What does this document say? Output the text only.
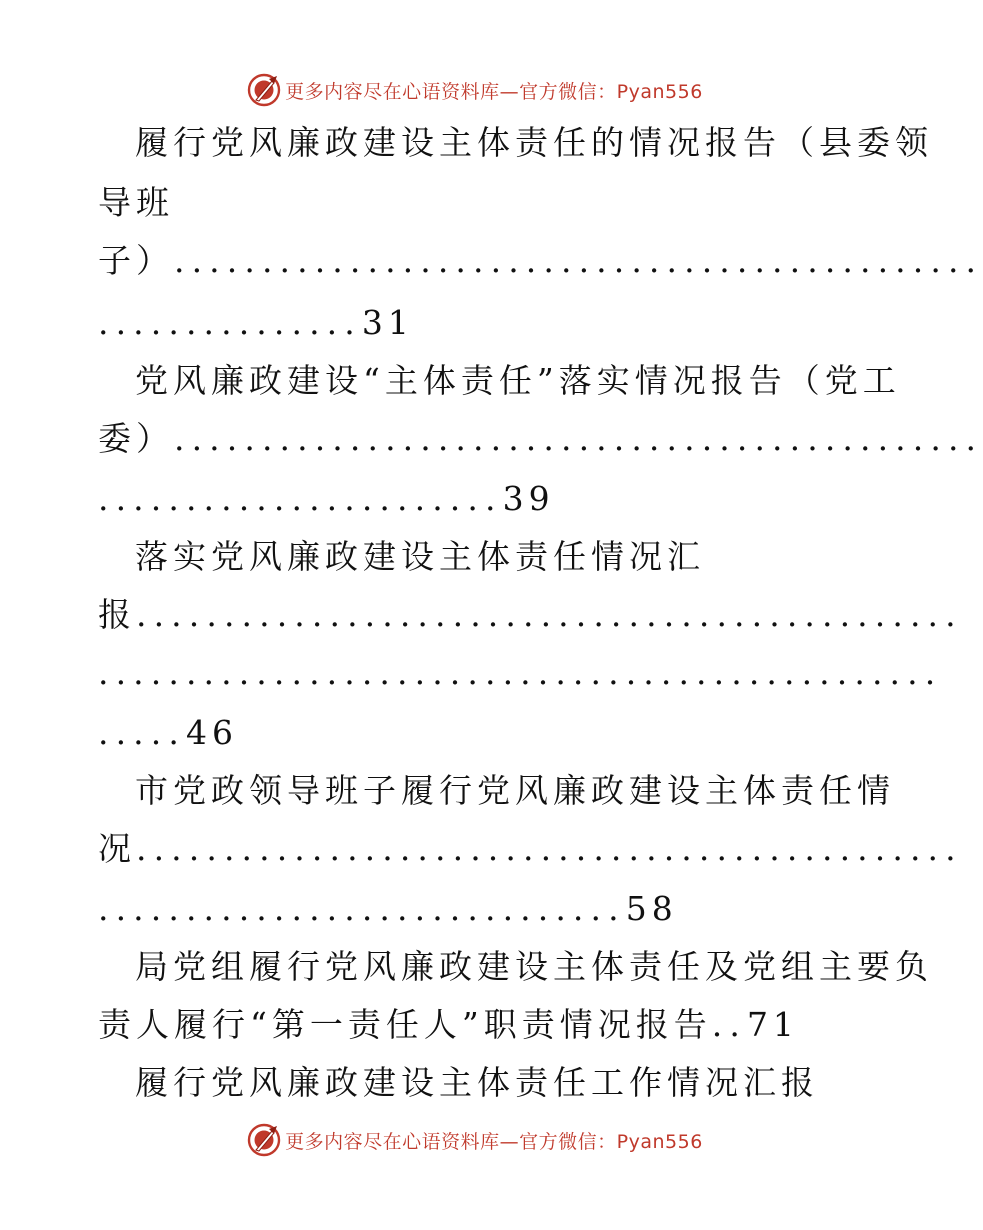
更多内容尽在心语资料库—官方微信：Pyan556
履行党风廉政建设主体责任的情况报告（县委领
导班
子）..............................................
...............31
党风廉政建设“主体责任”落实情况报告（党工
委）..............................................
.......................39
落实党风廉政建设主体责任情况汇
报...............................................
................................................
.....46
市党政领导班子履行党风廉政建设主体责任情
况...............................................
..............................58
局党组履行党风廉政建设主体责任及党组主要负
责人履行“第一责任人”职责情况报告..71
履行党风廉政建设主体责任工作情况汇报
更多内容尽在心语资料库—官方微信：Pyan556
